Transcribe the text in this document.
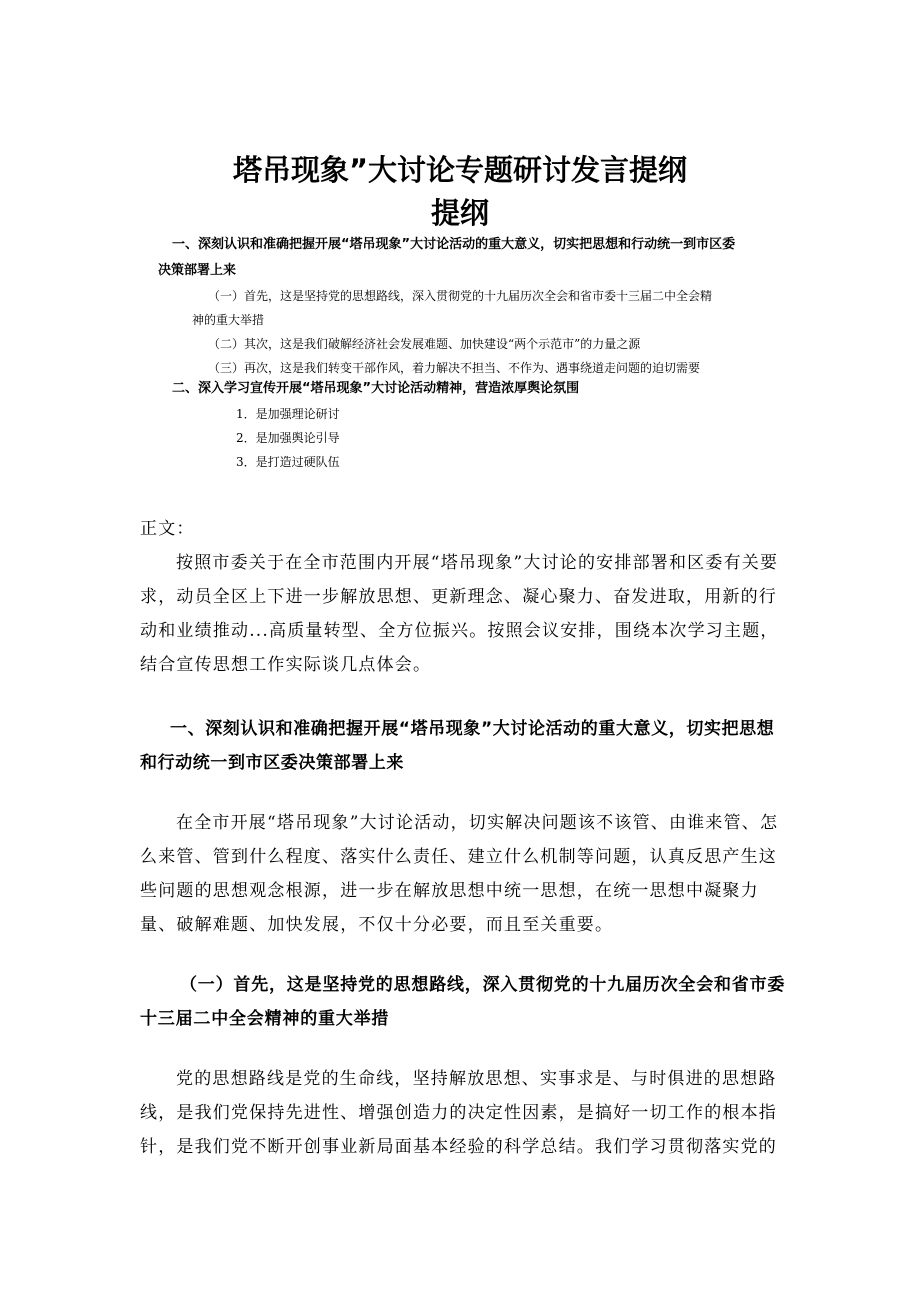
塔吊现象”大讨论专题研讨发言提纲
提纲
一、深刻认识和准确把握开展“塔吊现象”大讨论活动的重大意义，切实把思想和行动统一到市区委
决策部署上来
（一）首先，这是坚持党的思想路线，深入贯彻党的十九届历次全会和省市委十三届二中全会精
神的重大举措
（二）其次，这是我们破解经济社会发展难题、加快建设“两个示范市”的力量之源
（三）再次，这是我们转变干部作风，着力解决不担当、不作为、遇事绕道走问题的迫切需要
二、深入学习宣传开展“塔吊现象”大讨论活动精神，营造浓厚舆论氛围
1．是加强理论研讨
2．是加强舆论引导
3．是打造过硬队伍
正文：

按照市委关于在全市范围内开展“塔吊现象”大讨论的安排部署和区委有关要求，动员全区上下进一步解放思想、更新理念、凝心聚力、奋发进取，用新的行动和业绩推动...高质量转型、全方位振兴。按照会议安排，围绕本次学习主题，结合宣传思想工作实际谈几点体会。

一、深刻认识和准确把握开展“塔吊现象”大讨论活动的重大意义，切实把思想和行动统一到市区委决策部署上来

在全市开展“塔吊现象”大讨论活动，切实解决问题该不该管、由谁来管、怎么来管、管到什么程度、落实什么责任、建立什么机制等问题，认真反思产生这些问题的思想观念根源，进一步在解放思想中统一思想，在统一思想中凝聚力量、破解难题、加快发展，不仅十分必要，而且至关重要。

（一）首先，这是坚持党的思想路线，深入贯彻党的十九届历次全会和省市委十三届二中全会精神的重大举措

党的思想路线是党的生命线，坚持解放思想、实事求是、与时俱进的思想路线，是我们党保持先进性、增强创造力的决定性因素，是搞好一切工作的根本指针，是我们党不断开创事业新局面基本经验的科学总结。我们学习贯彻落实党的
